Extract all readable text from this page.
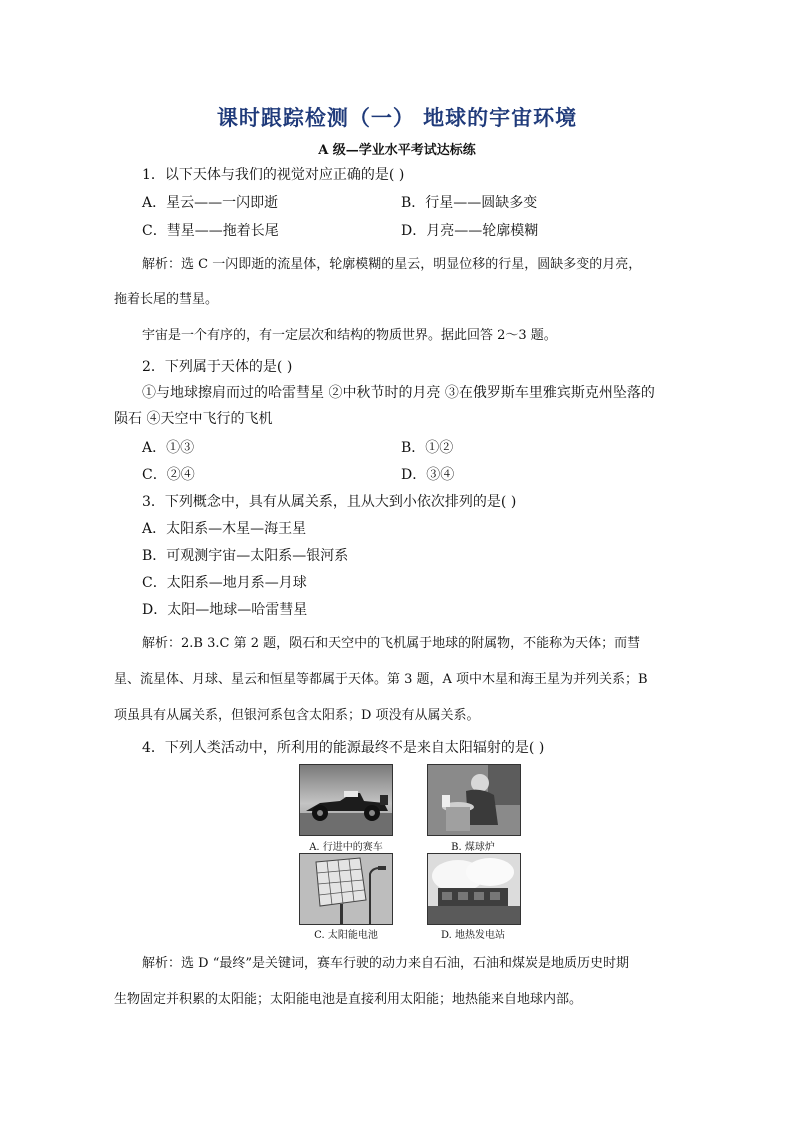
课时跟踪检测（一） 地球的宇宙环境
A 级—学业水平考试达标练
1．以下天体与我们的视觉对应正确的是( )
A．星云——一闪即逝	B．行星——圆缺多变
C．彗星——拖着长尾	D．月亮——轮廓模糊
解析：选 C 一闪即逝的流星体，轮廓模糊的星云，明显位移的行星，圆缺多变的月亮，
拖着长尾的彗星。
宇宙是一个有序的，有一定层次和结构的物质世界。据此回答 2～3 题。
2．下列属于天体的是( )
①与地球擦肩而过的哈雷彗星 ②中秋节时的月亮 ③在俄罗斯车里雅宾斯克州坠落的
陨石 ④天空中飞行的飞机
A．①③	B．①②
C．②④	D．③④
3．下列概念中，具有从属关系，且从大到小依次排列的是( )
A．太阳系—木星—海王星
B．可观测宇宙—太阳系—银河系
C．太阳系—地月系—月球
D．太阳—地球—哈雷彗星
解析：2.B 3.C 第 2 题，陨石和天空中的飞机属于地球的附属物，不能称为天体；而彗
星、流星体、月球、星云和恒星等都属于天体。第 3 题，A 项中木星和海王星为并列关系；B
项虽具有从属关系，但银河系包含太阳系；D 项没有从属关系。
4．下列人类活动中，所利用的能源最终不是来自太阳辐射的是( )
A. 行进中的赛车	B. 煤球炉
C. 太阳能电池	D. 地热发电站
解析：选 D “最终”是关键词，赛车行驶的动力来自石油，石油和煤炭是地质历史时期
生物固定并积累的太阳能；太阳能电池是直接利用太阳能；地热能来自地球内部。
